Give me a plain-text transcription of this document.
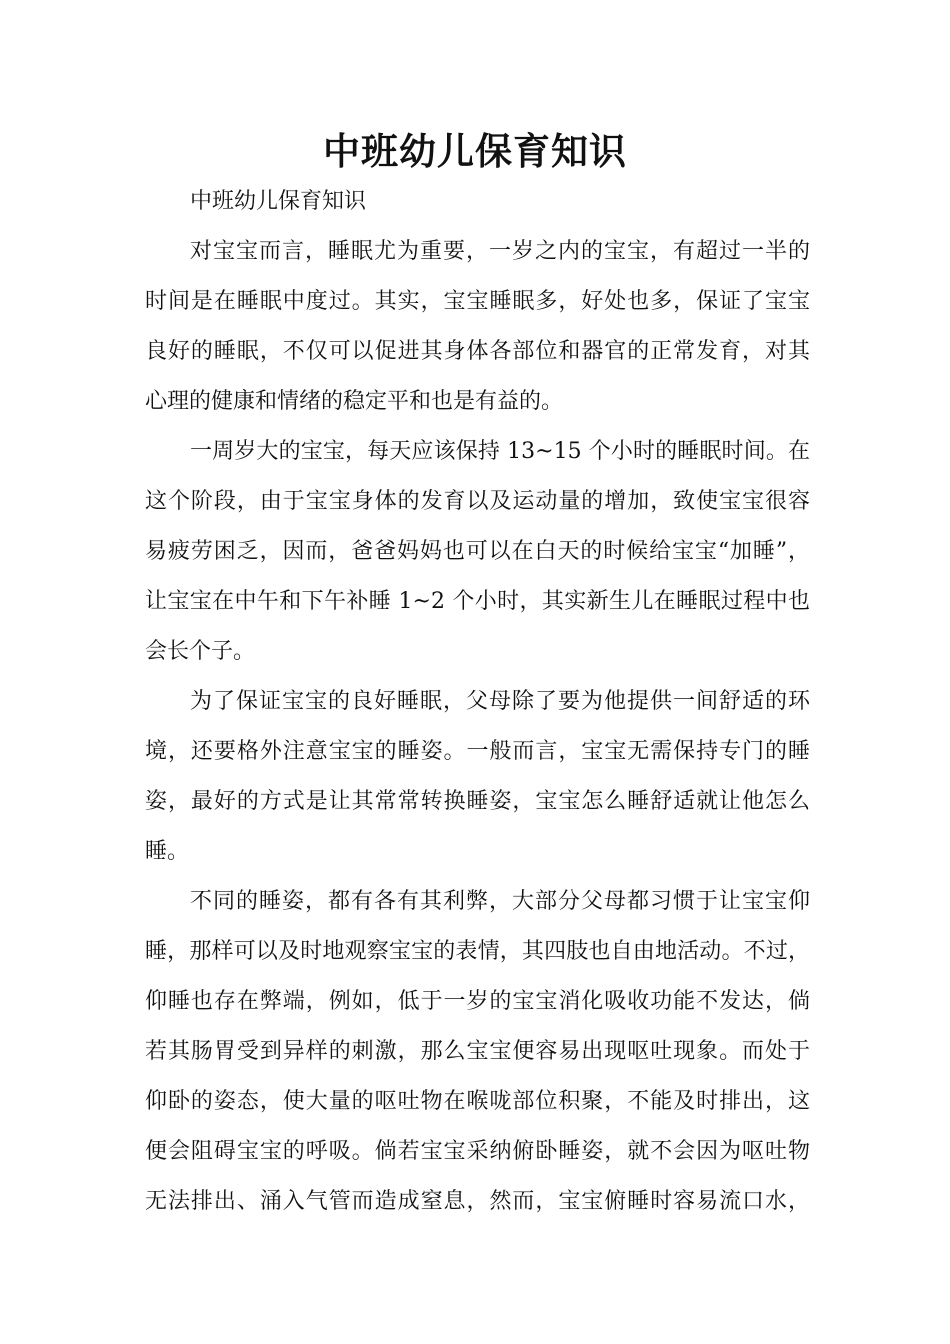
中班幼儿保育知识
中班幼儿保育知识
对宝宝而言，睡眠尤为重要，一岁之内的宝宝，有超过一半的
时间是在睡眠中度过。其实，宝宝睡眠多，好处也多，保证了宝宝
良好的睡眠，不仅可以促进其身体各部位和器官的正常发育，对其
心理的健康和情绪的稳定平和也是有益的。
一周岁大的宝宝，每天应该保持 13~15 个小时的睡眠时间。在
这个阶段，由于宝宝身体的发育以及运动量的增加，致使宝宝很容
易疲劳困乏，因而，爸爸妈妈也可以在白天的时候给宝宝“加睡”，
让宝宝在中午和下午补睡 1~2 个小时，其实新生儿在睡眠过程中也
会长个子。
为了保证宝宝的良好睡眠，父母除了要为他提供一间舒适的环
境，还要格外注意宝宝的睡姿。一般而言，宝宝无需保持专门的睡
姿，最好的方式是让其常常转换睡姿，宝宝怎么睡舒适就让他怎么
睡。
不同的睡姿，都有各有其利弊，大部分父母都习惯于让宝宝仰
睡，那样可以及时地观察宝宝的表情，其四肢也自由地活动。不过，
仰睡也存在弊端，例如，低于一岁的宝宝消化吸收功能不发达，倘
若其肠胃受到异样的刺激，那么宝宝便容易出现呕吐现象。而处于
仰卧的姿态，使大量的呕吐物在喉咙部位积聚，不能及时排出，这
便会阻碍宝宝的呼吸。倘若宝宝采纳俯卧睡姿，就不会因为呕吐物
无法排出、涌入气管而造成窒息，然而，宝宝俯睡时容易流口水，
